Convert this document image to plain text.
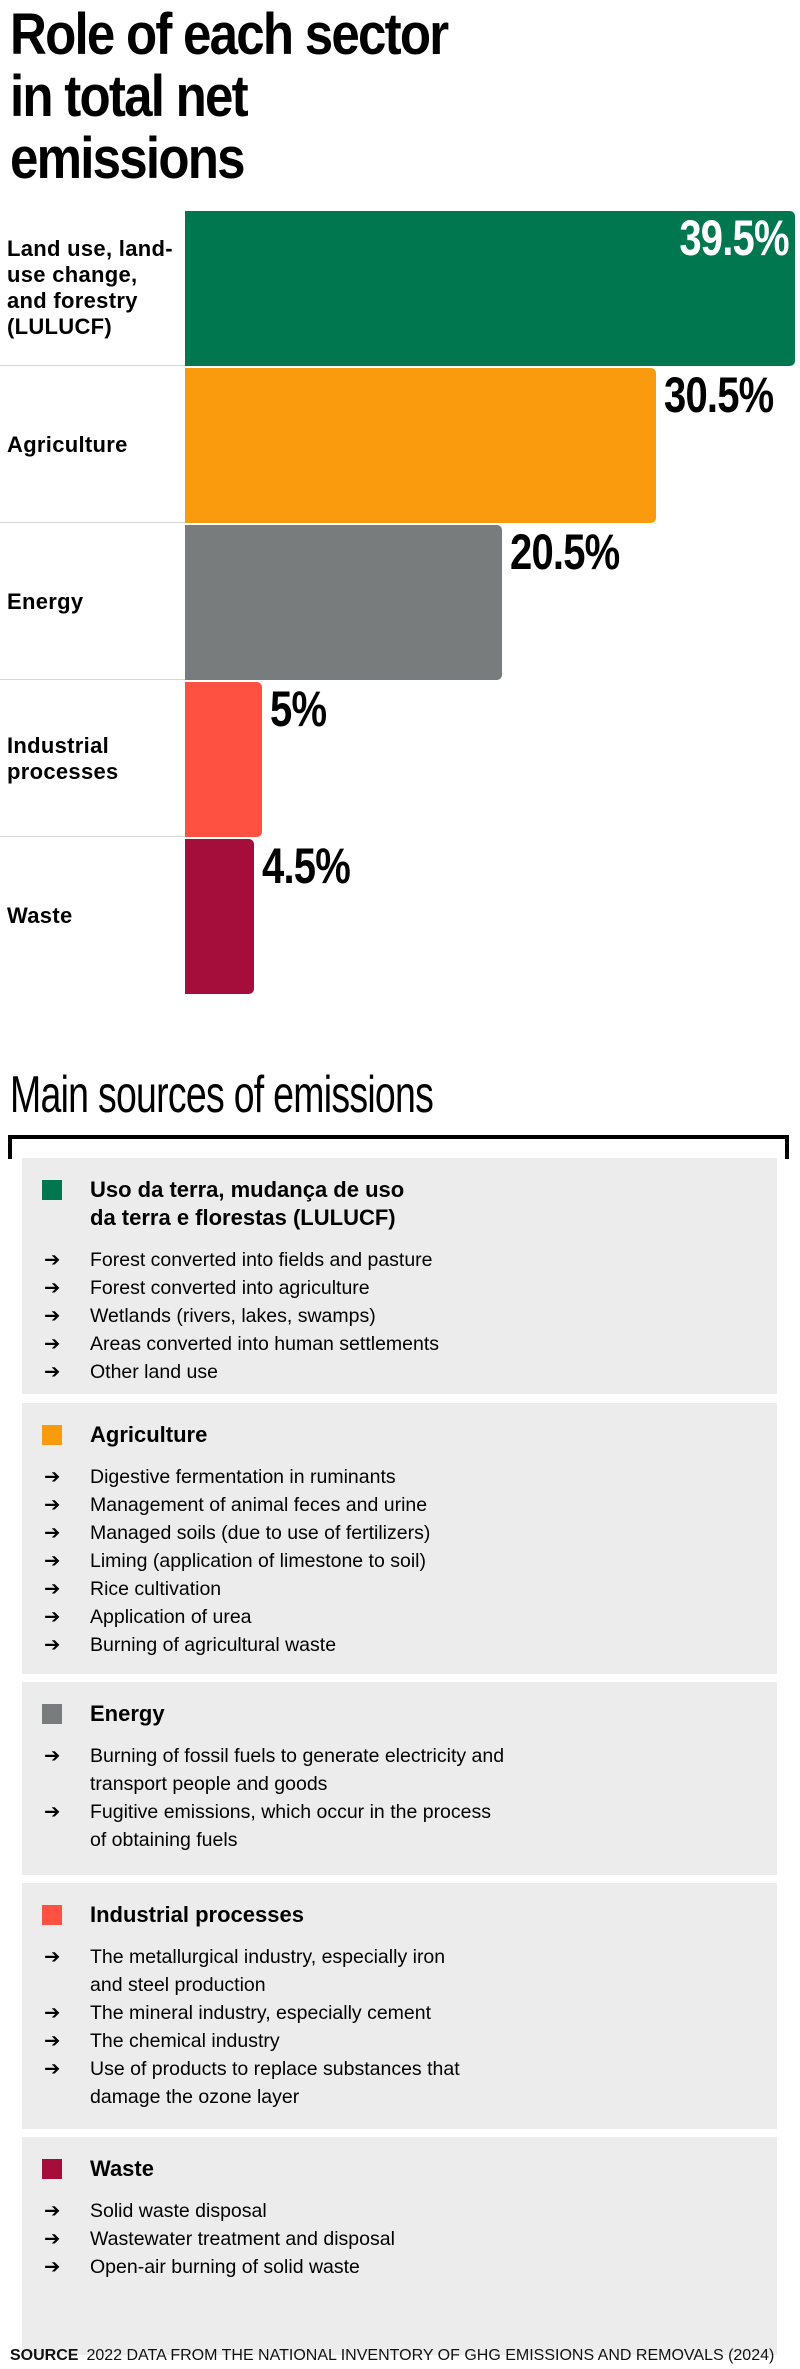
Role of each sector in total net emissions
Land use, land-use change, and forestry (LULUCF)
39.5%
Agriculture
30.5%
Energy
20.5%
Industrial processes
5%
Waste
4.5%
Main sources of emissions
Uso da terra, mudança de uso
da terra e florestas (LULUCF)
➔	Forest converted into fields and pasture
➔	Forest converted into agriculture
➔	Wetlands (rivers, lakes, swamps)
➔	Areas converted into human settlements
➔	Other land use
Agriculture
➔	Digestive fermentation in ruminants
➔	Management of animal feces and urine
➔	Managed soils (due to use of fertilizers)
➔	Liming (application of limestone to soil)
➔	Rice cultivation
➔	Application of urea
➔	Burning of agricultural waste
Energy
➔	Burning of fossil fuels to generate electricity and
transport people and goods
➔	Fugitive emissions, which occur in the process
of obtaining fuels
Industrial processes
➔	The metallurgical industry, especially iron
and steel production
➔	The mineral industry, especially cement
➔	The chemical industry
➔	Use of products to replace substances that
damage the ozone layer
Waste
➔	Solid waste disposal
➔	Wastewater treatment and disposal
➔	Open-air burning of solid waste
SOURCE 2022 DATA FROM THE NATIONAL INVENTORY OF GHG EMISSIONS AND REMOVALS (2024)
